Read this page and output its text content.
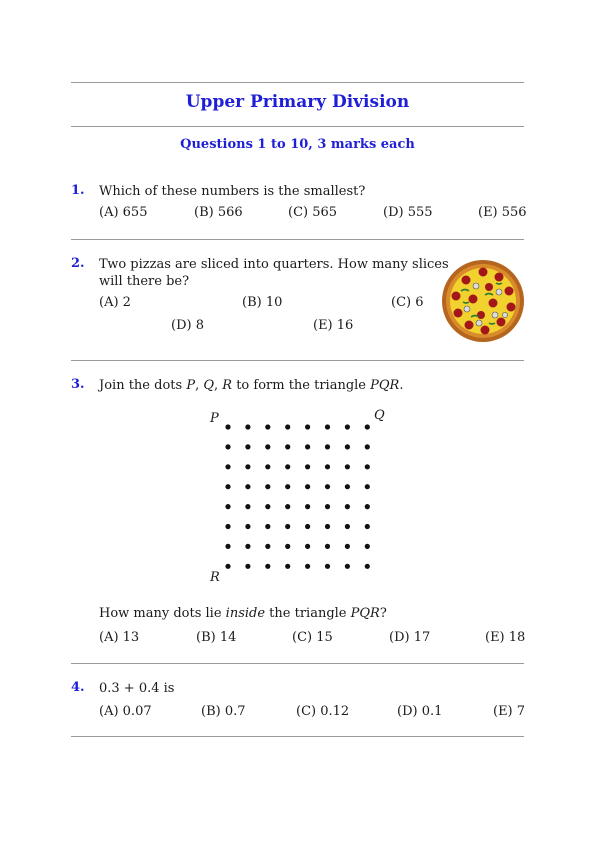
Upper Primary Division
Questions 1 to 10, 3 marks each
1. Which of these numbers is the smallest?
(A) 655	(B) 566	(C) 565	(D) 555	(E) 556
2. Two pizzas are sliced into quarters. How many slices
will there be?
(A) 2	(B) 10	(C) 6
(D) 8	(E) 16
3. Join the dots P, Q, R to form the triangle PQR.
P	Q
R
How many dots lie inside the triangle PQR?
(A) 13	(B) 14	(C) 15	(D) 17	(E) 18
4. 0.3 + 0.4 is
(A) 0.07	(B) 0.7	(C) 0.12	(D) 0.1	(E) 7
